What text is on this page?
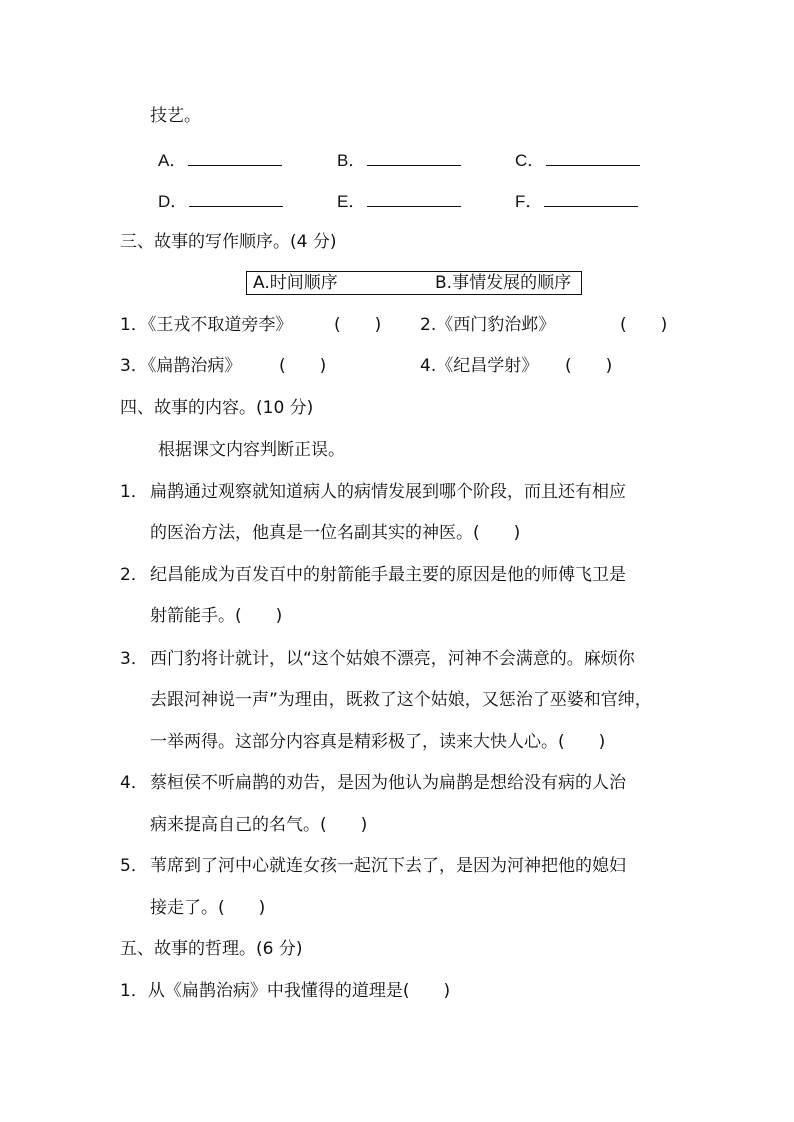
技艺。
A．	B．	C．
D．	E．	F．
三、故事的写作顺序。(4 分)
A.时间顺序	B.事情发展的顺序
1．《王戎不取道旁李》 (　　) 2.《西门豹治邺》	(　　)
3．《扁鹊治病》 (　　)	4.《纪昌学射》 (　　)
四、故事的内容。(10 分)
根据课文内容判断正误。
1． 扁鹊通过观察就知道病人的病情发展到哪个阶段，而且还有相应
的医治方法，他真是一位名副其实的神医。(　　)
2． 纪昌能成为百发百中的射箭能手最主要的原因是他的师傅飞卫是
射箭能手。(　　)
3． 西门豹将计就计，以“这个姑娘不漂亮，河神不会满意的。麻烦你
去跟河神说一声”为理由，既救了这个姑娘，又惩治了巫婆和官绅，
一举两得。这部分内容真是精彩极了，读来大快人心。(　　)
4． 蔡桓侯不听扁鹊的劝告，是因为他认为扁鹊是想给没有病的人治
病来提高自己的名气。(　　)
5． 苇席到了河中心就连女孩一起沉下去了，是因为河神把他的媳妇
接走了。(　　)
五、故事的哲理。(6 分)
1．从《扁鹊治病》中我懂得的道理是(　　)
